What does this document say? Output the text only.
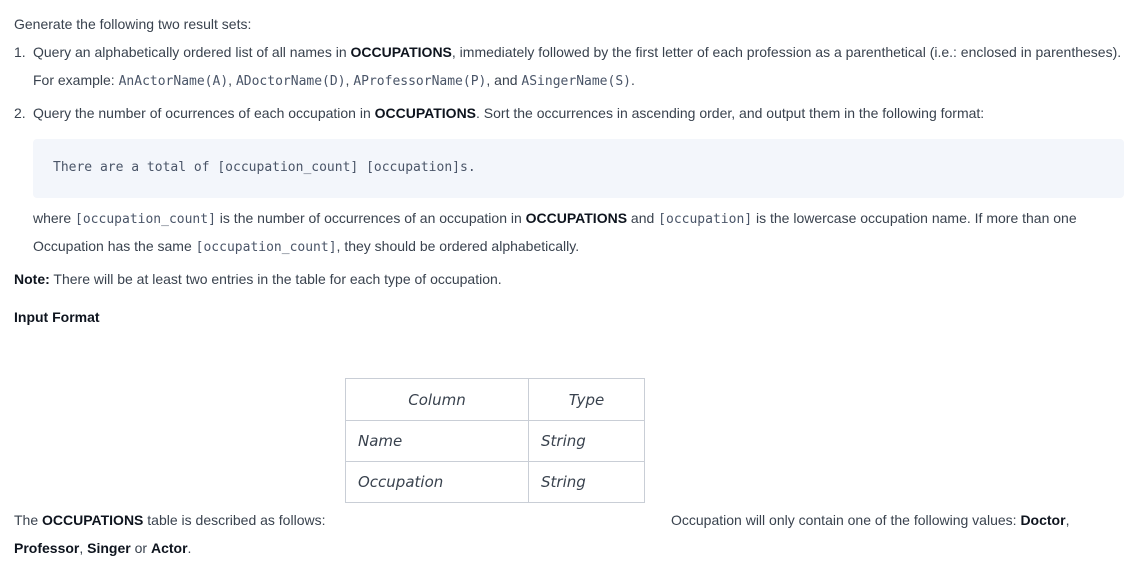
Generate the following two result sets:
1. Query an alphabetically ordered list of all names in OCCUPATIONS, immediately followed by the first letter of each profession as a parenthetical (i.e.: enclosed in parentheses).
For example: AnActorName(A), ADoctorName(D), AProfessorName(P), and ASingerName(S).
2. Query the number of ocurrences of each occupation in OCCUPATIONS. Sort the occurrences in ascending order, and output them in the following format:
There are a total of [occupation_count] [occupation]s.
where [occupation_count] is the number of occurrences of an occupation in OCCUPATIONS and [occupation] is the lowercase occupation name. If more than one
Occupation has the same [occupation_count], they should be ordered alphabetically.
Note: There will be at least two entries in the table for each type of occupation.
Input Format
Column	Type
Name	String
Occupation	String
The OCCUPATIONS table is described as follows:	Occupation will only contain one of the following values: Doctor,
Professor, Singer or Actor.
